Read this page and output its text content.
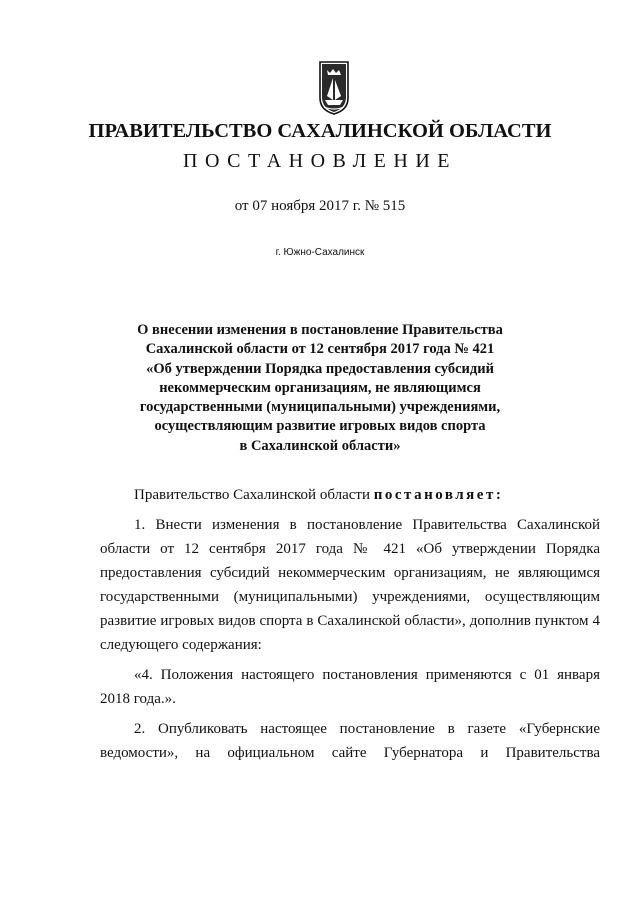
ПРАВИТЕЛЬСТВО САХАЛИНСКОЙ ОБЛАСТИ
ПОСТАНОВЛЕНИЕ
от 07 ноября 2017 г. № 515
г. Южно-Сахалинск
О внесении изменения в постановление Правительства
Сахалинской области от 12 сентября 2017 года № 421
«Об утверждении Порядка предоставления субсидий
некоммерческим организациям, не являющимся
государственными (муниципальными) учреждениями,
осуществляющим развитие игровых видов спорта
в Сахалинской области»
Правительство Сахалинской области постановляет:
1. Внести изменения в постановление Правительства Сахалинской
области от 12 сентября 2017 года № 421 «Об утверждении Порядка
предоставления субсидий некоммерческим организациям, не являющимся
государственными (муниципальными) учреждениями, осуществляющим
развитие игровых видов спорта в Сахалинской области», дополнив пунктом 4
следующего содержания:
«4. Положения настоящего постановления применяются с 01 января
2018 года.».
2. Опубликовать настоящее постановление в газете «Губернские
ведомости», на официальном сайте Губернатора и Правительства
